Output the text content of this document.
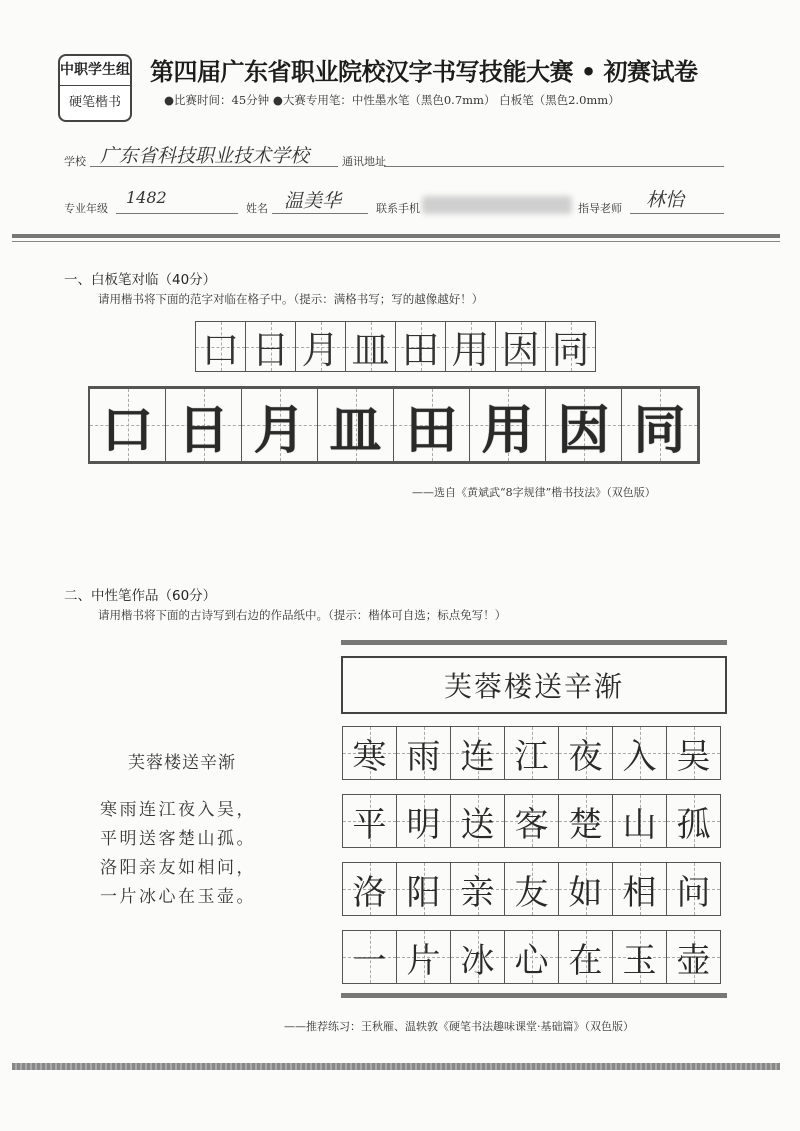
中职学生组
硬笔楷书
第四届广东省职业院校汉字书写技能大赛 • 初赛试卷
●比赛时间：45分钟 ●大赛专用笔：中性墨水笔（黑色0.7mm） 白板笔（黑色2.0mm）
学校 广东省科技职业技术学校	通讯地址
专业年级
1482
姓名 温美华	联系手机	指导老师 林怡
一、白板笔对临（40分）
请用楷书将下面的范字对临在格子中。（提示：满格书写；写的越像越好！）
口 日 月 皿 田 用 因 同
口 日 月 皿 田 用 因 同
——选自《黄斌武“8字规律”楷书技法》（双色版）
二、中性笔作品（60分）
请用楷书将下面的古诗写到右边的作品纸中。（提示：楷体可自选；标点免写！）
芙蓉楼送辛渐
芙蓉楼送辛渐
寒雨连江夜入吴，
平明送客楚山孤。
洛阳亲友如相问，
一片冰心在玉壶。
寒 雨 连 江 夜 入 吴
平 明 送 客 楚 山 孤
洛 阳 亲 友 如 相 问
一 片 冰 心 在 玉 壶
——推荐练习：王秋雁、温轶敦《硬笔书法趣味课堂·基础篇》（双色版）
